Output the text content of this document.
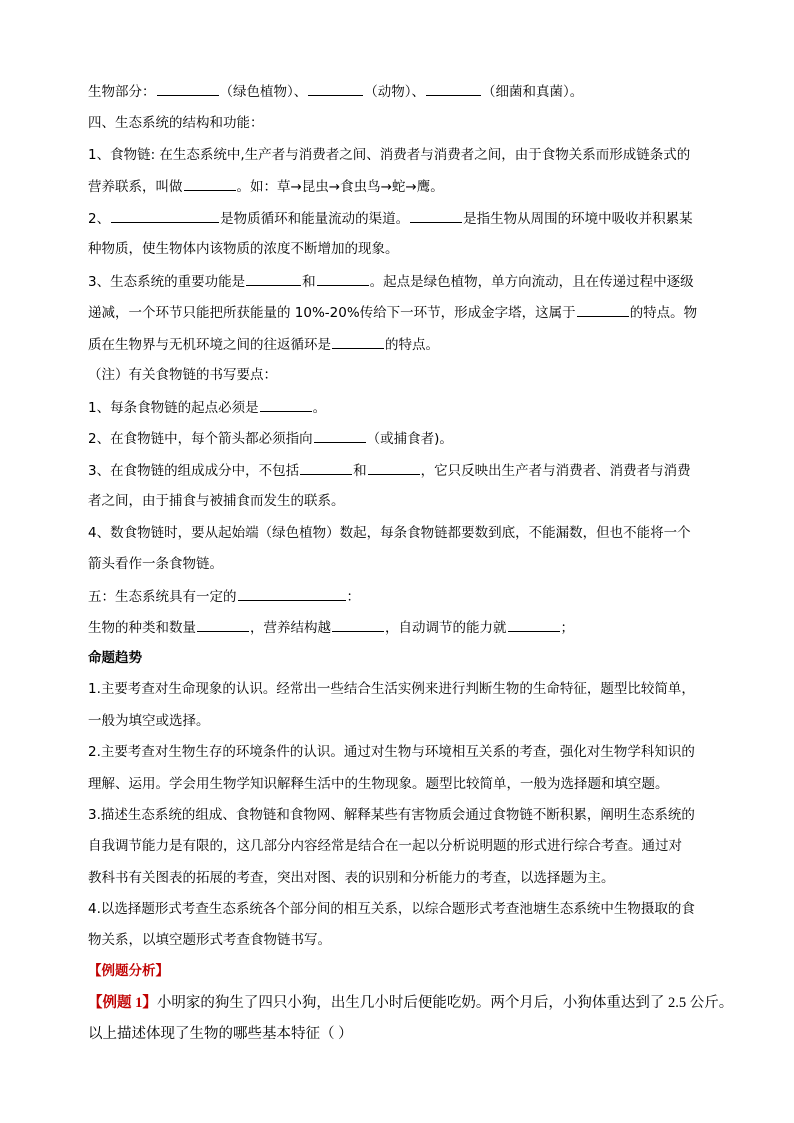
生物部分：	（绿色植物）、	（动物）、	（细菌和真菌）。
四、生态系统的结构和功能：
1、食物链: 在生态系统中,生产者与消费者之间、消费者与消费者之间，由于食物关系而形成链条式的
营养联系，叫做	。如：草→昆虫→食虫鸟→蛇→鹰。
2、	是物质循环和能量流动的渠道。	是指生物从周围的环境中吸收并积累某
种物质，使生物体内该物质的浓度不断增加的现象。
3、生态系统的重要功能是	和	。起点是绿色植物，单方向流动，且在传递过程中逐级
递减，一个环节只能把所获能量的 10%-20%传给下一环节，形成金字塔，这属于	的特点。物
质在生物界与无机环境之间的往返循环是	的特点。
（注）有关食物链的书写要点：
1、每条食物链的起点必须是	。
2、在食物链中，每个箭头都必须指向	（或捕食者)。
3、在食物链的组成成分中，不包括	和	，它只反映出生产者与消费者、消费者与消费
者之间，由于捕食与被捕食而发生的联系。
4、数食物链时，要从起始端（绿色植物）数起，每条食物链都要数到底，不能漏数，但也不能将一个
箭头看作一条食物链。
五：生态系统具有一定的	：
生物的种类和数量	，营养结构越	，自动调节的能力就	；
命题趋势
1.主要考查对生命现象的认识。经常出一些结合生活实例来进行判断生物的生命特征，题型比较简单，
一般为填空或选择。
2.主要考查对生物生存的环境条件的认识。通过对生物与环境相互关系的考查，强化对生物学科知识的
理解、运用。学会用生物学知识解释生活中的生物现象。题型比较简单，一般为选择题和填空题。
3.描述生态系统的组成、食物链和食物网、解释某些有害物质会通过食物链不断积累，阐明生态系统的
自我调节能力是有限的，这几部分内容经常是结合在一起以分析说明题的形式进行综合考查。通过对
教科书有关图表的拓展的考查，突出对图、表的识别和分析能力的考查，以选择题为主。
4.以选择题形式考查生态系统各个部分间的相互关系，以综合题形式考查池塘生态系统中生物摄取的食
物关系，以填空题形式考查食物链书写。
【例题分析】
【例题 1】小明家的狗生了四只小狗，出生几小时后便能吃奶。两个月后，小狗体重达到了 2.5 公斤。
以上描述体现了生物的哪些基本特征（ ）
